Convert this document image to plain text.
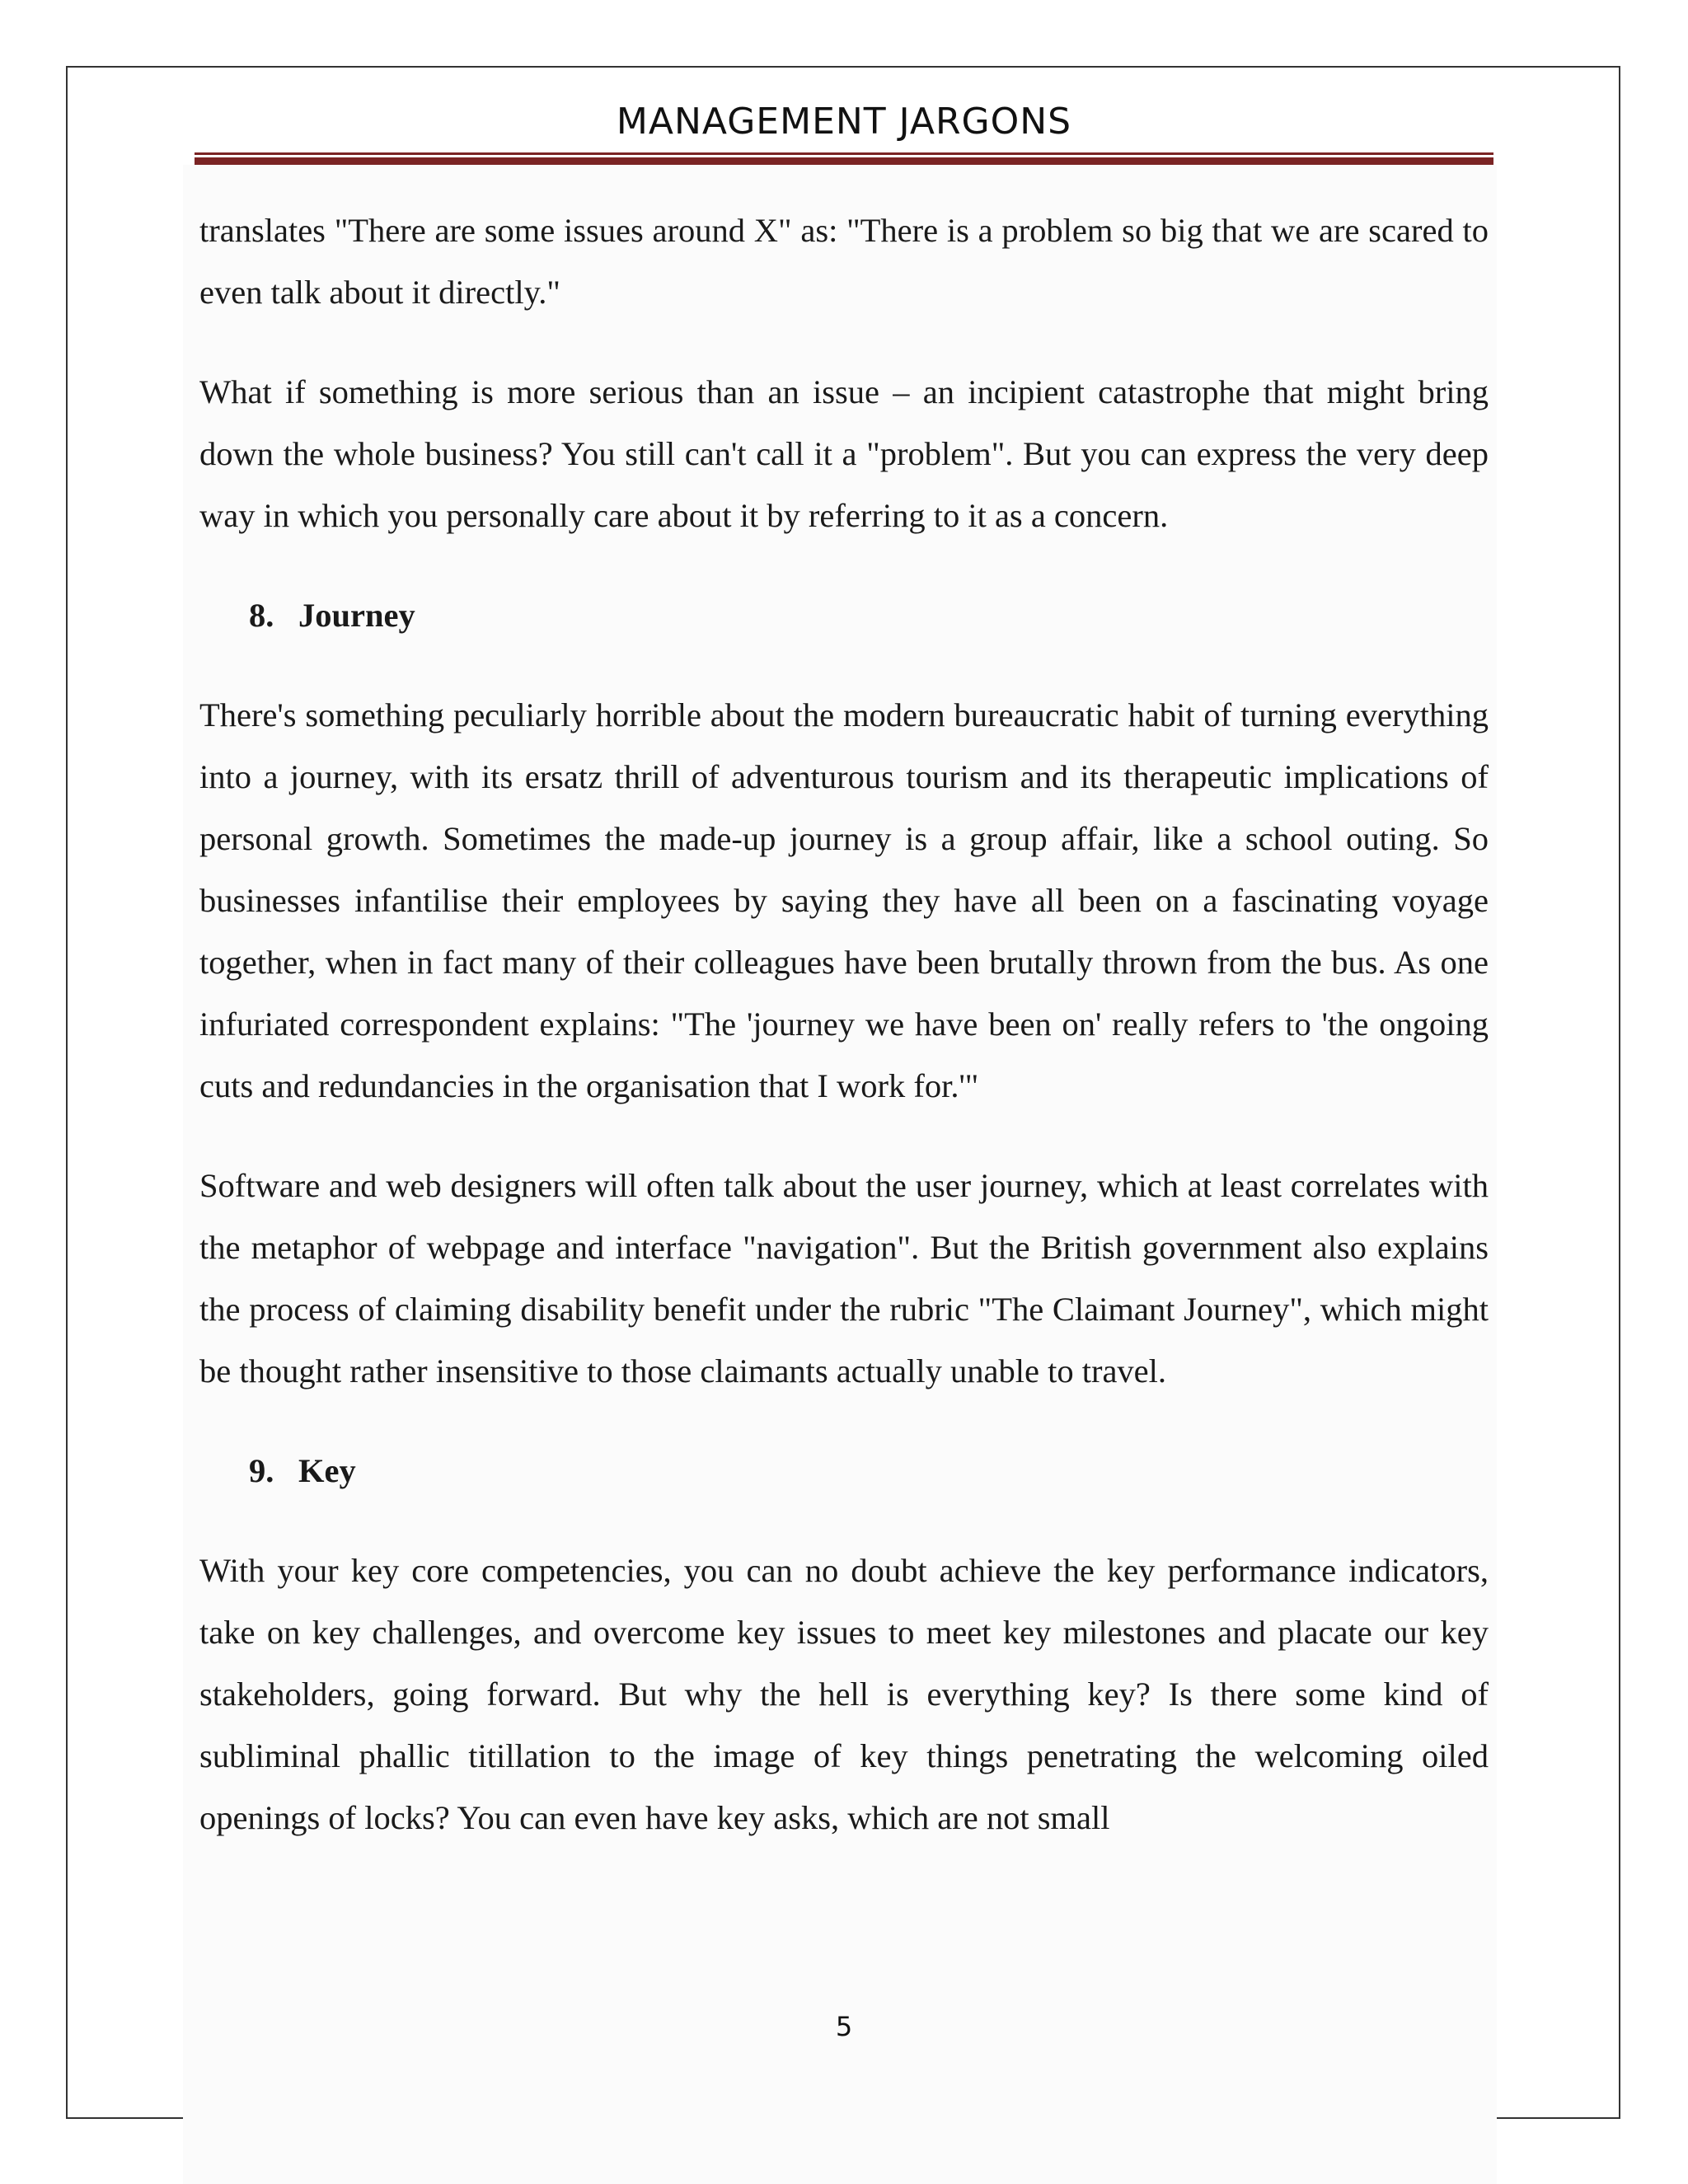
MANAGEMENT JARGONS

translates "There are some issues around X" as: "There is a problem so big that we are scared to even talk about it directly."

What if something is more serious than an issue – an incipient catastrophe that might bring down the whole business? You still can't call it a "problem". But you can express the very deep way in which you personally care about it by referring to it as a concern.

8. Journey

There's something peculiarly horrible about the modern bureaucratic habit of turning everything into a journey, with its ersatz thrill of adventurous tourism and its therapeutic implications of personal growth. Sometimes the made-up journey is a group affair, like a school outing. So businesses infantilise their employees by saying they have all been on a fascinating voyage together, when in fact many of their colleagues have been brutally thrown from the bus. As one infuriated correspondent explains: "The 'journey we have been on' really refers to 'the ongoing cuts and redundancies in the organisation that I work for.'"

Software and web designers will often talk about the user journey, which at least correlates with the metaphor of webpage and interface "navigation". But the British government also explains the process of claiming disability benefit under the rubric "The Claimant Journey", which might be thought rather insensitive to those claimants actually unable to travel.

9. Key

With your key core competencies, you can no doubt achieve the key performance indicators, take on key challenges, and overcome key issues to meet key milestones and placate our key stakeholders, going forward. But why the hell is everything key? Is there some kind of subliminal phallic titillation to the image of key things penetrating the welcoming oiled openings of locks? You can even have key asks, which are not small

5
